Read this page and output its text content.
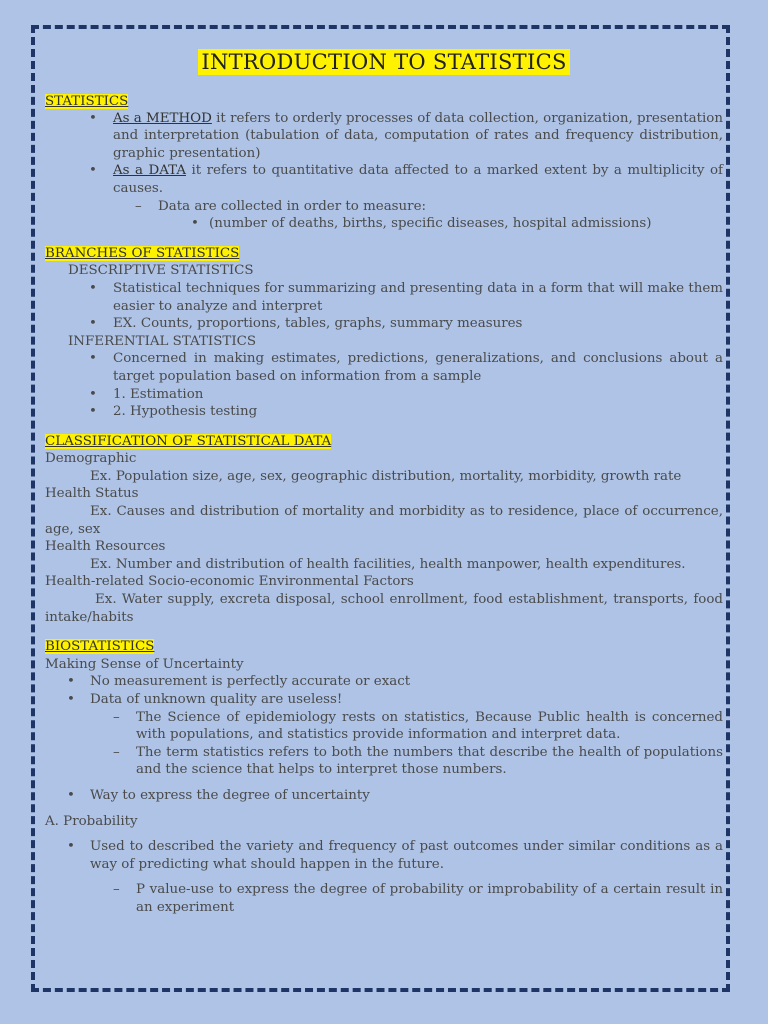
INTRODUCTION TO STATISTICS

STATISTICS

• As a METHOD it refers to orderly processes of data collection, organization, presentation and interpretation (tabulation of data, computation of rates and frequency distribution, graphic presentation)
• As a DATA it refers to quantitative data affected to a marked extent by a multiplicity of causes.
– Data are collected in order to measure:
• (number of deaths, births, specific diseases, hospital admissions)

BRANCHES OF STATISTICS

DESCRIPTIVE STATISTICS

• Statistical techniques for summarizing and presenting data in a form that will make them easier to analyze and interpret
• EX. Counts, proportions, tables, graphs, summary measures

INFERENTIAL STATISTICS

• Concerned in making estimates, predictions, generalizations, and conclusions about a target population based on information from a sample
• 1. Estimation
• 2. Hypothesis testing

CLASSIFICATION OF STATISTICAL DATA

Demographic

Ex. Population size, age, sex, geographic distribution, mortality, morbidity, growth rate

Health Status

Ex. Causes and distribution of mortality and morbidity as to residence, place of occurrence, age, sex

Health Resources

Ex. Number and distribution of health facilities, health manpower, health expenditures.

Health-related Socio-economic Environmental Factors

Ex. Water supply, excreta disposal, school enrollment, food establishment, transports, food intake/habits

BIOSTATISTICS

Making Sense of Uncertainty

• No measurement is perfectly accurate or exact
• Data of unknown quality are useless!
– The Science of epidemiology rests on statistics, Because Public health is concerned with populations, and statistics provide information and interpret data.
– The term statistics refers to both the numbers that describe the health of populations and the science that helps to interpret those numbers.
• Way to express the degree of uncertainty

A. Probability

• Used to described the variety and frequency of past outcomes under similar conditions as a way of predicting what should happen in the future.
– P value-use to express the degree of probability or improbability of a certain result in an experiment
